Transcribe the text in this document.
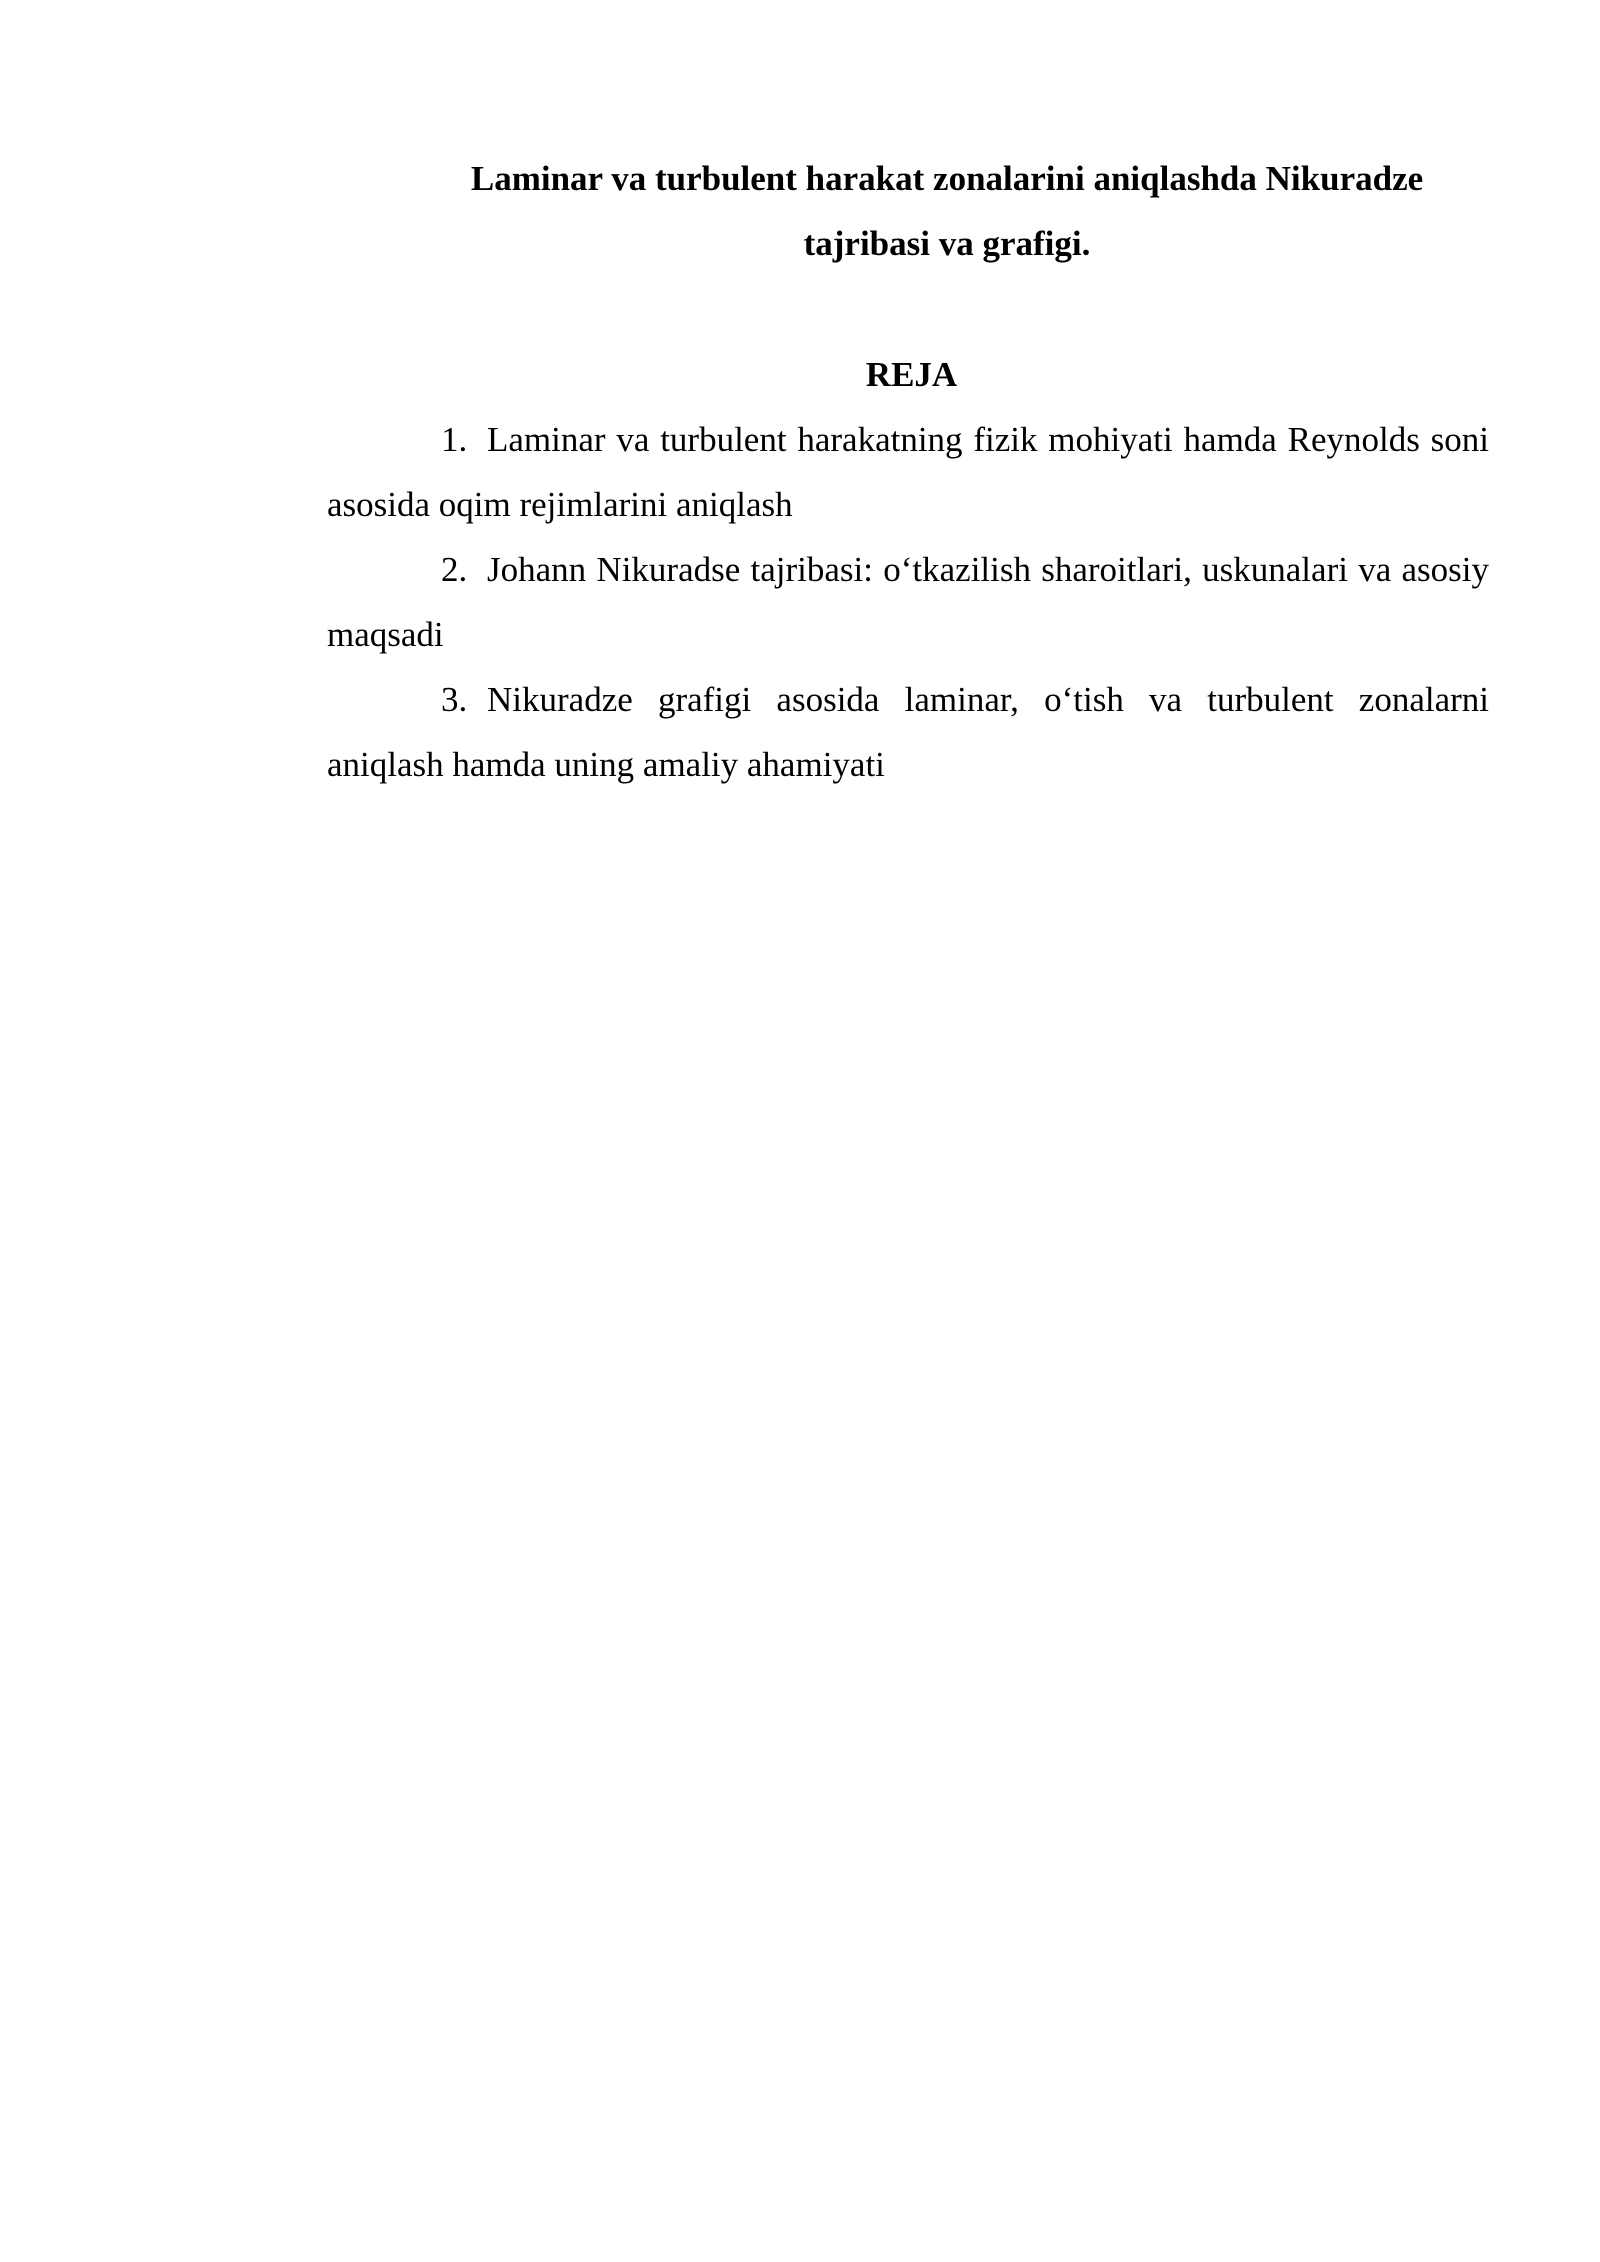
Laminar va turbulent harakat zonalarini aniqlashda Nikuradze
tajribasi va grafigi.
REJA
1. Laminar va turbulent harakatning fizik mohiyati hamda Reynolds soni asosida oqim rejimlarini aniqlash
2. Johann Nikuradse tajribasi: o‘tkazilish sharoitlari, uskunalari va asosiy maqsadi
3. Nikuradze grafigi asosida laminar, o‘tish va turbulent zonalarni aniqlash hamda uning amaliy ahamiyati
